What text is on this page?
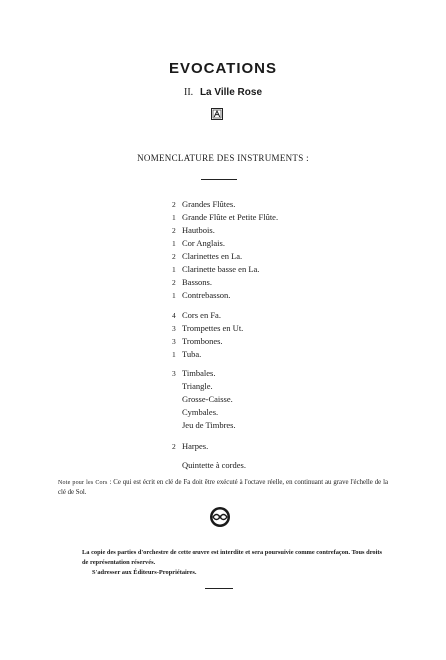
EVOCATIONS
II. La Ville Rose
NOMENCLATURE DES INSTRUMENTS :
2 Grandes Flûtes.
1 Grande Flûte et Petite Flûte.
2 Hautbois.
1 Cor Anglais.
2 Clarinettes en La.
1 Clarinette basse en La.
2 Bassons.
1 Contrebasson.
4 Cors en Fa.
3 Trompettes en Ut.
3 Trombones.
1 Tuba.
3 Timbales.
Triangle.
Grosse-Caisse.
Cymbales.
Jeu de Timbres.
2 Harpes.
Quintette à cordes.
Note pour les Cors : Ce qui est écrit en clé de Fa doit être exécuté à l'octave réelle, en continuant au grave l'échelle de la clé de Sol.
La copie des parties d'orchestre de cette œuvre est interdite et sera poursuivie comme contrefaçon. Tous droits de représentation réservés.
S'adresser aux Éditeurs-Propriétaires.
